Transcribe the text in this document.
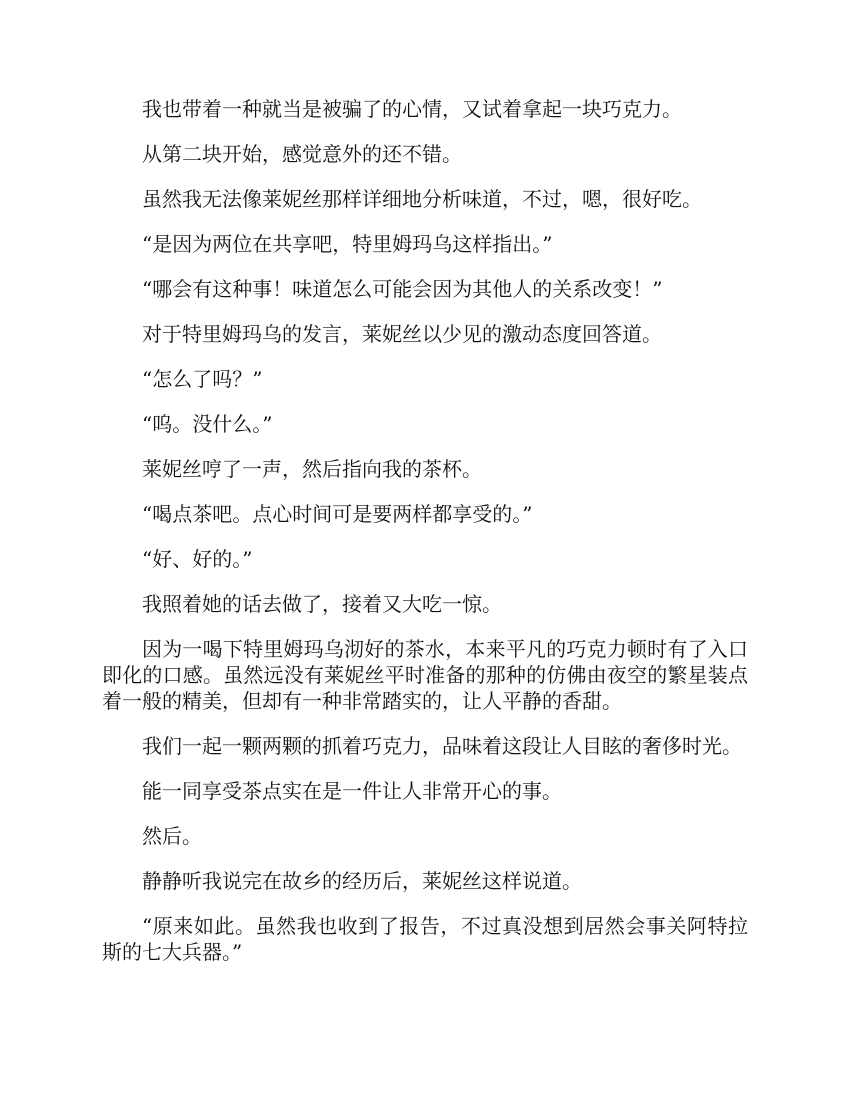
我也带着一种就当是被骗了的心情，又试着拿起一块巧克力。

从第二块开始，感觉意外的还不错。

虽然我无法像莱妮丝那样详细地分析味道，不过，嗯，很好吃。

“是因为两位在共享吧，特里姆玛乌这样指出。”

“哪会有这种事！味道怎么可能会因为其他人的关系改变！”

对于特里姆玛乌的发言，莱妮丝以少见的激动态度回答道。

“怎么了吗？”

“呜。没什么。”

莱妮丝哼了一声，然后指向我的茶杯。

“喝点茶吧。点心时间可是要两样都享受的。”

“好、好的。”

我照着她的话去做了，接着又大吃一惊。

因为一喝下特里姆玛乌沏好的茶水，本来平凡的巧克力顿时有了入口即化的口感。虽然远没有莱妮丝平时准备的那种的仿佛由夜空的繁星装点着一般的精美，但却有一种非常踏实的，让人平静的香甜。

我们一起一颗两颗的抓着巧克力，品味着这段让人目眩的奢侈时光。

能一同享受茶点实在是一件让人非常开心的事。

然后。

静静听我说完在故乡的经历后，莱妮丝这样说道。

“原来如此。虽然我也收到了报告，不过真没想到居然会事关阿特拉斯的七大兵器。”
